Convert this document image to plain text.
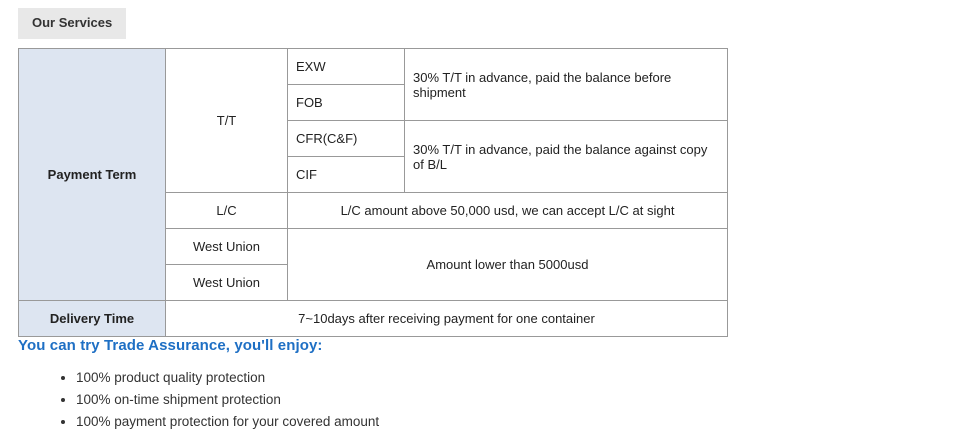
Our Services
Payment Term	T/T	EXW	30% T/T in advance, paid the balance before shipment
		FOB	
		CFR(C&F)	30% T/T in advance, paid the balance against copy of B/L
		CIF	
	L/C	L/C amount above 50,000 usd, we can accept L/C at sight	
	West Union	Amount lower than 5000usd	
	West Union		
Delivery Time	7~10days after receiving payment for one container		
You can try Trade Assurance, you'll enjoy:
• 100% product quality protection
• 100% on-time shipment protection
• 100% payment protection for your covered amount
